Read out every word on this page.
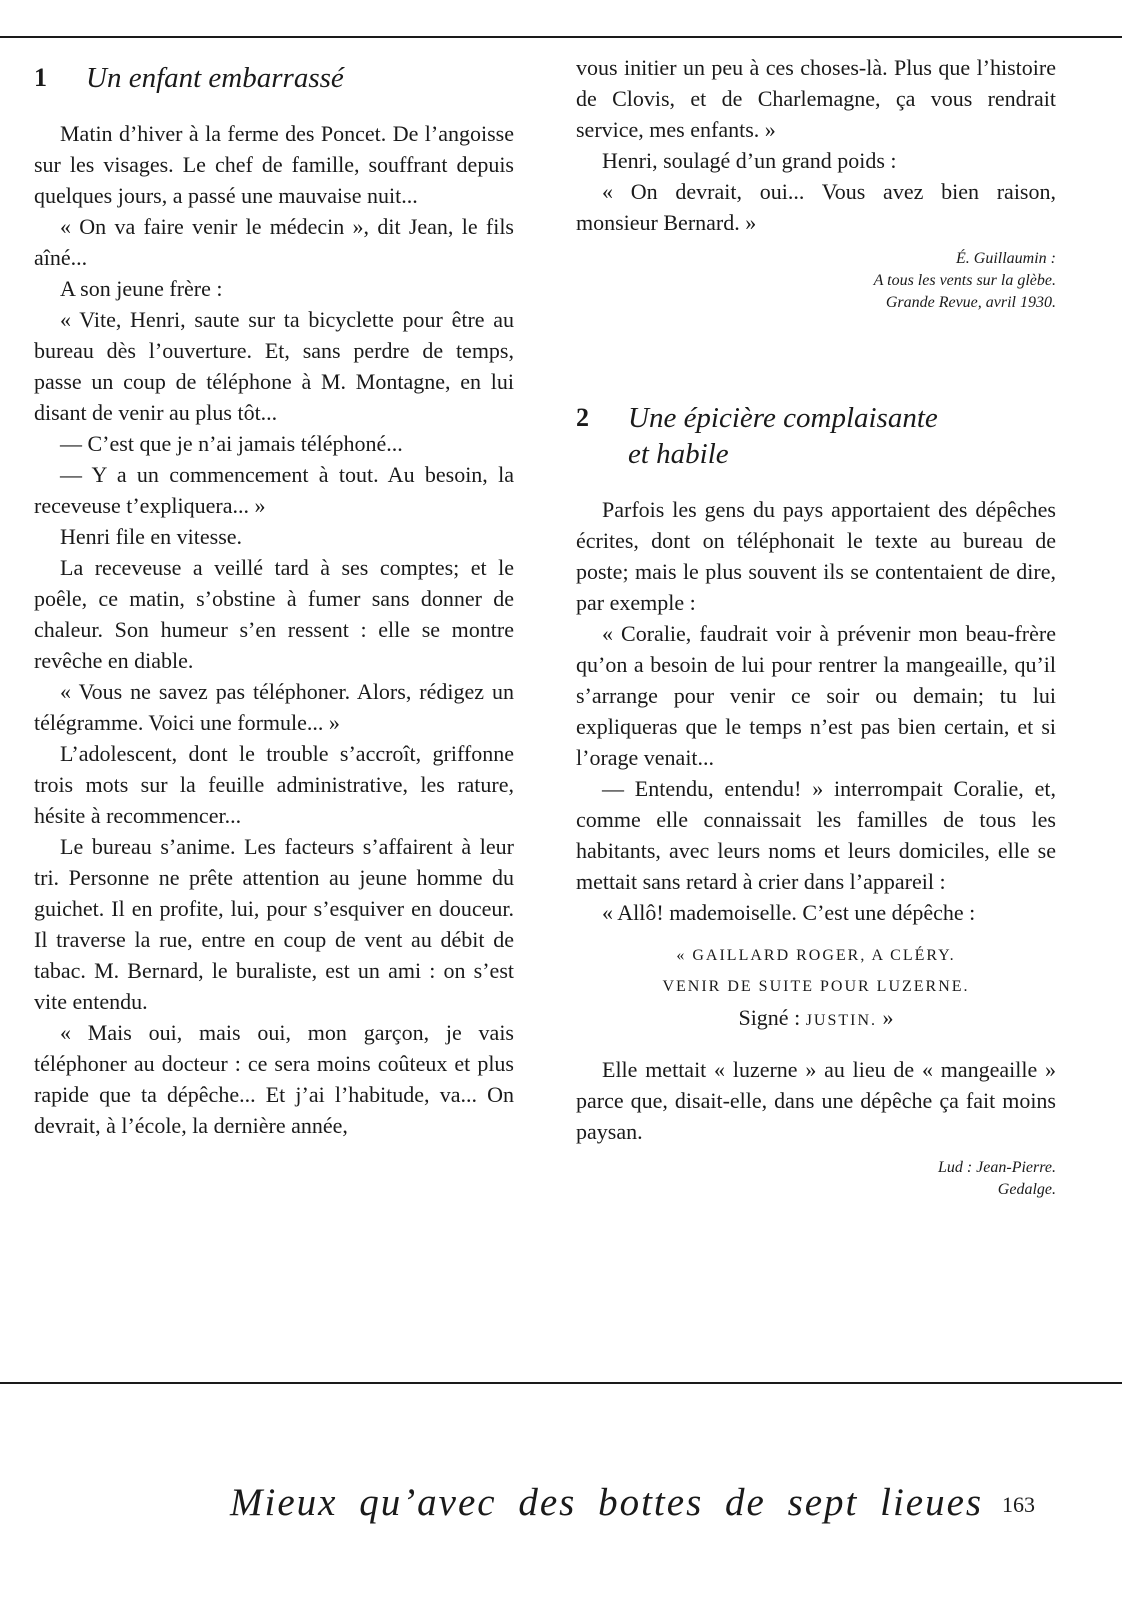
1	Un enfant embarrassé

Matin d’hiver à la ferme des Poncet. De l’angoisse sur les visages. Le chef de famille, souffrant depuis quelques jours, a passé une mauvaise nuit...

« On va faire venir le médecin », dit Jean, le fils aîné...

A son jeune frère :

« Vite, Henri, saute sur ta bicyclette pour être au bureau dès l’ouverture. Et, sans perdre de temps, passe un coup de téléphone à M. Montagne, en lui disant de venir au plus tôt...

— C’est que je n’ai jamais téléphoné...

— Y a un commencement à tout. Au besoin, la receveuse t’expliquera... »

Henri file en vitesse.

La receveuse a veillé tard à ses comptes; et le poêle, ce matin, s’obstine à fumer sans donner de chaleur. Son humeur s’en ressent : elle se montre revêche en diable.

« Vous ne savez pas téléphoner. Alors, rédigez un télégramme. Voici une formule... »

L’adolescent, dont le trouble s’accroît, griffonne trois mots sur la feuille administrative, les rature, hésite à recommencer...

Le bureau s’anime. Les facteurs s’affairent à leur tri. Personne ne prête attention au jeune homme du guichet. Il en profite, lui, pour s’esquiver en douceur. Il traverse la rue, entre en coup de vent au débit de tabac. M. Bernard, le buraliste, est un ami : on s’est vite entendu.

« Mais oui, mais oui, mon garçon, je vais téléphoner au docteur : ce sera moins coûteux et plus rapide que ta dépêche... Et j’ai l’habitude, va... On devrait, à l’école, la dernière année,

vous initier un peu à ces choses-là. Plus que l’histoire de Clovis, et de Charlemagne, ça vous rendrait service, mes enfants. »

Henri, soulagé d’un grand poids :

« On devrait, oui... Vous avez bien raison, monsieur Bernard. »

É. Guillaumin :
A tous les vents sur la glèbe.
Grande Revue, avril 1930.
2	Une épicière complaisante
et habile

Parfois les gens du pays apportaient des dépêches écrites, dont on téléphonait le texte au bureau de poste; mais le plus souvent ils se contentaient de dire, par exemple :

« Coralie, faudrait voir à prévenir mon beau-frère qu’on a besoin de lui pour rentrer la mangeaille, qu’il s’arrange pour venir ce soir ou demain; tu lui expliqueras que le temps n’est pas bien certain, et si l’orage venait...

— Entendu, entendu! » interrompait Coralie, et, comme elle connaissait les familles de tous les habitants, avec leurs noms et leurs domiciles, elle se mettait sans retard à crier dans l’appareil :

« Allô! mademoiselle. C’est une dépêche :

« GAILLARD ROGER, A CLÉRY.
VENIR DE SUITE POUR LUZERNE.
Signé : JUSTIN. »

Elle mettait « luzerne » au lieu de « mangeaille » parce que, disait-elle, dans une dépêche ça fait moins paysan.

Lud : Jean-Pierre.
Gedalge.
Mieux qu’avec des bottes de sept lieues 163
